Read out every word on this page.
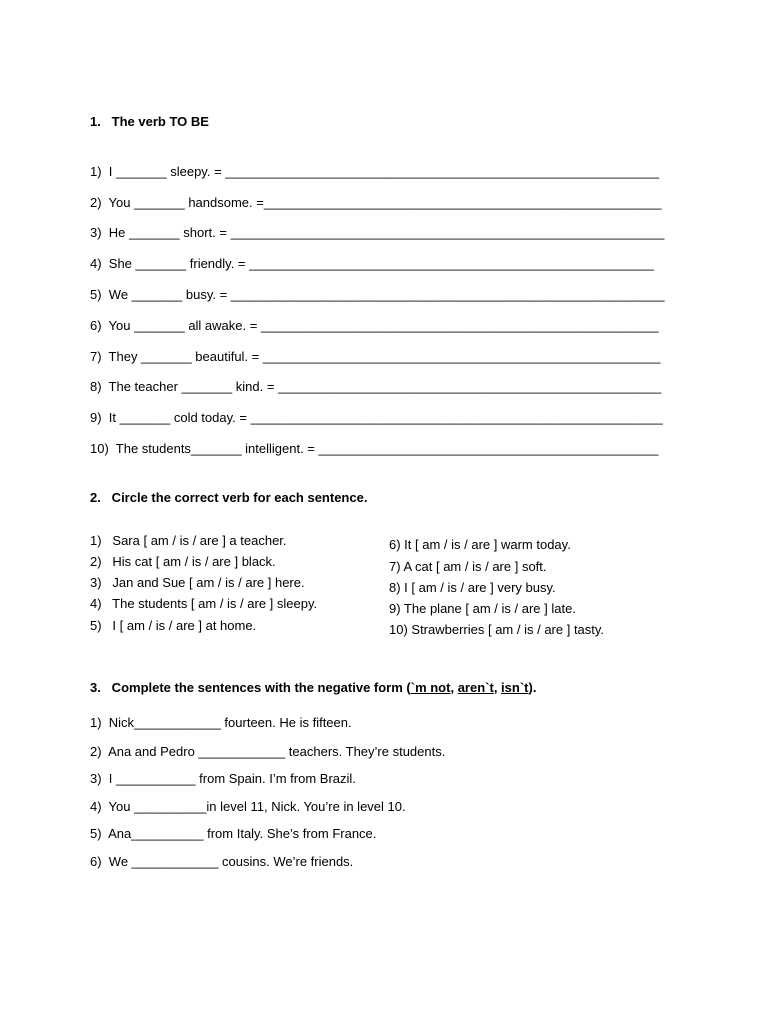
1.   The verb TO BE
1)  I _______ sleepy. = ____________________________________________________________
2)  You _______ handsome. =_______________________________________________________
3)  He _______ short. = ____________________________________________________________
4)  She _______ friendly. = ________________________________________________________
5)  We _______ busy. = ____________________________________________________________
6)  You _______ all awake. = _______________________________________________________
7)  They _______ beautiful. = _______________________________________________________
8)  The teacher _______ kind. = _____________________________________________________
9)  It _______ cold today. = _________________________________________________________
10)  The students_______ intelligent. = _______________________________________________
2.   Circle the correct verb for each sentence.
1)   Sara [ am / is / are ] a teacher.
2)   His cat [ am / is / are ] black.
3)   Jan and Sue [ am / is / are ] here.
4)   The students [ am / is / are ] sleepy.
5)   I [ am / is / are ] at home.
6) It [ am / is / are ] warm today.
7) A cat [ am / is / are ] soft.
8) I [ am / is / are ] very busy.
9) The plane [ am / is / are ] late.
10) Strawberries [ am / is / are ] tasty.
3.   Complete the sentences with the negative form (`m not, aren`t, isn`t).
1)  Nick____________ fourteen. He is fifteen.
2)  Ana and Pedro ____________ teachers. They’re students.
3)  I ___________ from Spain. I’m from Brazil.
4)  You __________in level 11, Nick. You’re in level 10.
5)  Ana__________ from Italy. She’s from France.
6)  We ____________ cousins. We’re friends.
